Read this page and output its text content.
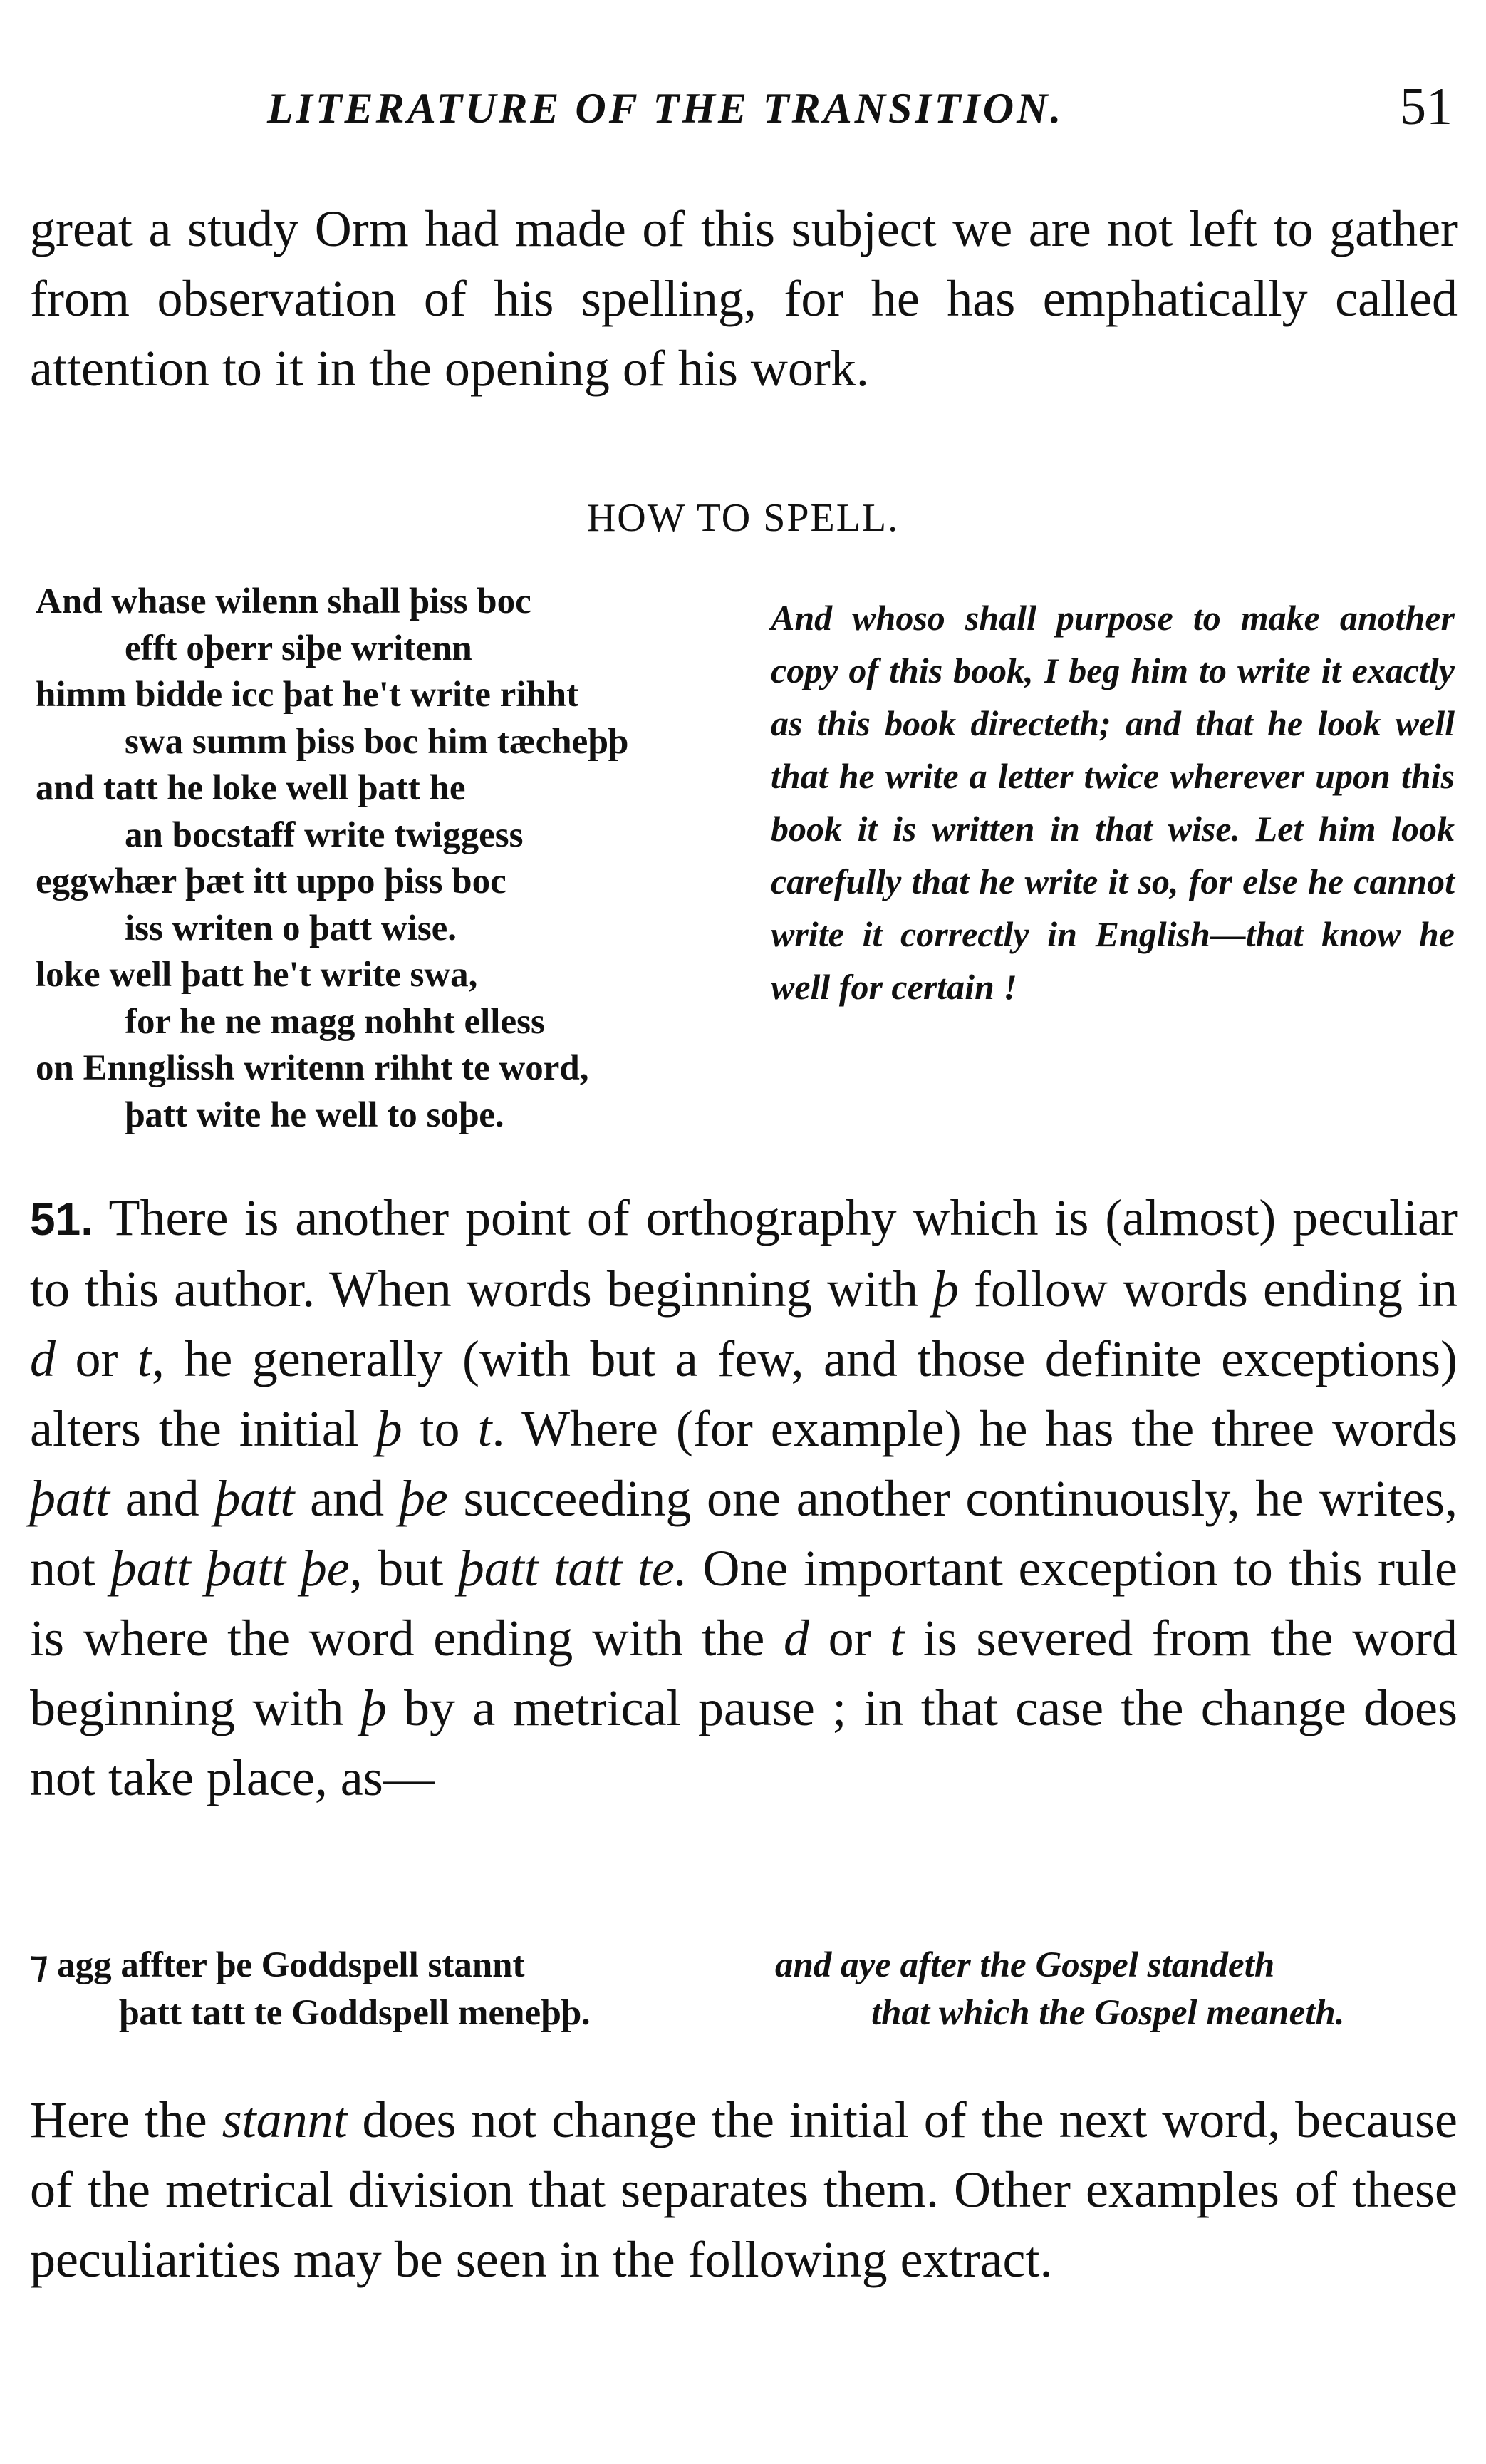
LITERATURE OF THE TRANSITION.	51

great a study Orm had made of this subject we are not left to gather from observation of his spelling, for he has emphatically called attention to it in the opening of his work.

HOW TO SPELL.
And whase wilenn shall þiss boc
efft oþerr siþe writenn
himm bidde icc þat he't write rihht
swa summ þiss boc him tæcheþþ
and tatt he loke well þatt he
an bocstaff write twiggess
eggwhær þæt itt uppo þiss boc
iss writen o þatt wise.
loke well þatt he't write swa,
for he ne magg nohht elless
on Ennglissh writenn rihht te word,
þatt wite he well to soþe.

And whoso shall purpose to make another copy of this book, I beg him to write it exactly as this book directeth; and that he look well that he write a letter twice wherever upon this book it is written in that wise. Let him look carefully that he write it so, for else he cannot write it correctly in English—that know he well for certain !

51. There is another point of orthography which is (almost) peculiar to this author. When words beginning with þ follow words ending in d or t, he generally (with but a few, and those definite exceptions) alters the initial þ to t. Where (for example) he has the three words þatt and þatt and þe succeeding one another continuously, he writes, not þatt þatt þe, but þatt tatt te. One important exception to this rule is where the word ending with the d or t is severed from the word beginning with þ by a metrical pause ; in that case the change does not take place, as—

⁊ agg affter þe Goddspell stannt
þatt tatt te Goddspell meneþþ.
and aye after the Gospel standeth
that which the Gospel meaneth.

Here the stannt does not change the initial of the next word, because of the metrical division that separates them. Other examples of these peculiarities may be seen in the following extract.
